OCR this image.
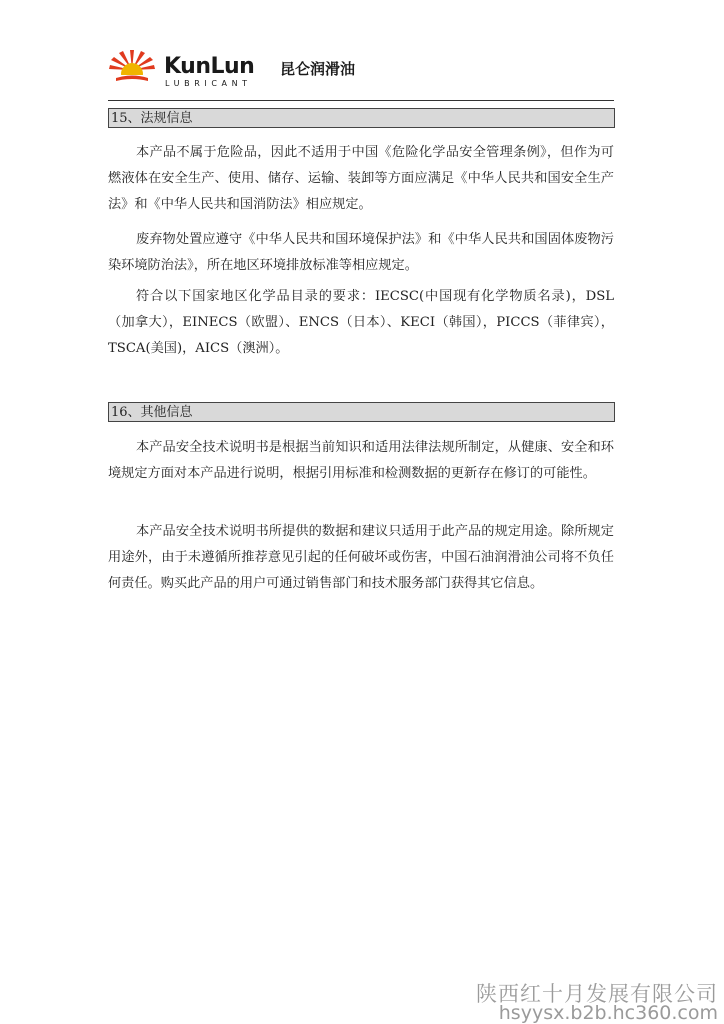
KunLun 昆仑润滑油
LUBRICANT
15、法规信息

本产品不属于危险品，因此不适用于中国《危险化学品安全管理条例》，但作为可燃液体在安全生产、使用、储存、运输、装卸等方面应满足《中华人民共和国安全生产法》和《中华人民共和国消防法》相应规定。

废弃物处置应遵守《中华人民共和国环境保护法》和《中华人民共和国固体废物污染环境防治法》，所在地区环境排放标准等相应规定。

符合以下国家地区化学品目录的要求：IECSC(中国现有化学物质名录)，DSL（加拿大），EINECS（欧盟）、ENCS（日本）、KECI（韩国），PICCS（菲律宾），TSCA(美国)，AICS（澳洲）。

16、其他信息

本产品安全技术说明书是根据当前知识和适用法律法规所制定，从健康、安全和环境规定方面对本产品进行说明，根据引用标准和检测数据的更新存在修订的可能性。

本产品安全技术说明书所提供的数据和建议只适用于此产品的规定用途。除所规定用途外，由于未遵循所推荐意见引起的任何破坏或伤害，中国石油润滑油公司将不负任何责任。购买此产品的用户可通过销售部门和技术服务部门获得其它信息。

陕西红十月发展有限公司
hsyysx.b2b.hc360.com
